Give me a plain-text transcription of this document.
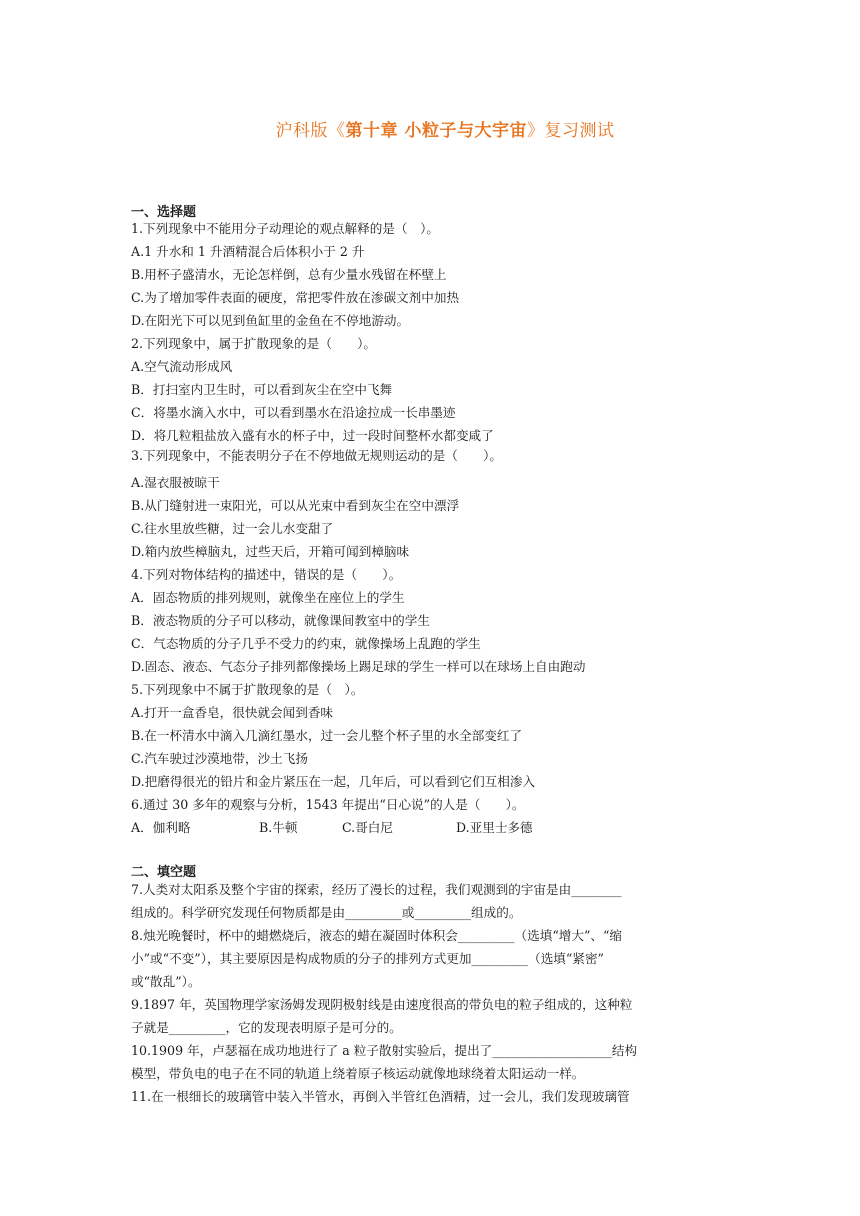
沪科版《第十章 小粒子与大宇宙》复习测试
一、选择题
1.下列现象中不能用分子动理论的观点解释的是（　）。
A.1 升水和 1 升酒精混合后体积小于 2 升
B.用杯子盛清水，无论怎样倒，总有少量水残留在杯壁上
C.为了增加零件表面的硬度，常把零件放在渗碳文剂中加热
D.在阳光下可以见到鱼缸里的金鱼在不停地游动。
2.下列现象中，属于扩散现象的是（　　）。
A.空气流动形成风
B．打扫室内卫生时，可以看到灰尘在空中飞舞
C．将墨水滴入水中，可以看到墨水在沿途拉成一长串墨迹
D．将几粒粗盐放入盛有水的杯子中，过一段时间整杯水都变咸了
3.下列现象中，不能表明分子在不停地做无规则运动的是（　　）。
A.湿衣服被晾干
B.从门缝射进一束阳光，可以从光束中看到灰尘在空中漂浮
C.往水里放些糖，过一会儿水变甜了
D.箱内放些樟脑丸，过些天后，开箱可闻到樟脑味
4.下列对物体结构的描述中，错误的是（　　）。
A．固态物质的排列规则，就像坐在座位上的学生
B．液态物质的分子可以移动，就像课间教室中的学生
C．气态物质的分子几乎不受力的约束，就像操场上乱跑的学生
D.固态、液态、气态分子排列都像操场上踢足球的学生一样可以在球场上自由跑动
5.下列现象中不属于扩散现象的是（　）。
A.打开一盒香皂，很快就会闻到香味
B.在一杯清水中滴入几滴红墨水，过一会儿整个杯子里的水全部变红了
C.汽车驶过沙漠地带，沙土飞扬
D.把磨得很光的铅片和金片紧压在一起，几年后，可以看到它们互相渗入
6.通过 30 多年的观察与分析，1543 年提出“日心说”的人是（　　）。
A．伽利略	B.牛顿	C.哥白尼	D.亚里士多德
二、填空题
7.人类对太阳系及整个宇宙的探索，经历了漫长的过程，我们观测到的宇宙是由________
组成的。科学研究发现任何物质都是由_________或_________组成的。
8.烛光晚餐时，杯中的蜡燃烧后，液态的蜡在凝固时体积会_________（选填“增大”、“缩
小”或“不变”），其主要原因是构成物质的分子的排列方式更加_________（选填“紧密”
或“散乱”）。
9.1897 年，英国物理学家汤姆发现阴极射线是由速度很高的带负电的粒子组成的，这种粒
子就是_________，它的发现表明原子是可分的。
10.1909 年，卢瑟福在成功地进行了 a 粒子散射实验后，提出了___________________结构
模型，带负电的电子在不同的轨道上绕着原子核运动就像地球绕着太阳运动一样。
11.在一根细长的玻璃管中装入半管水，再倒入半管红色酒精，过一会儿，我们发现玻璃管
